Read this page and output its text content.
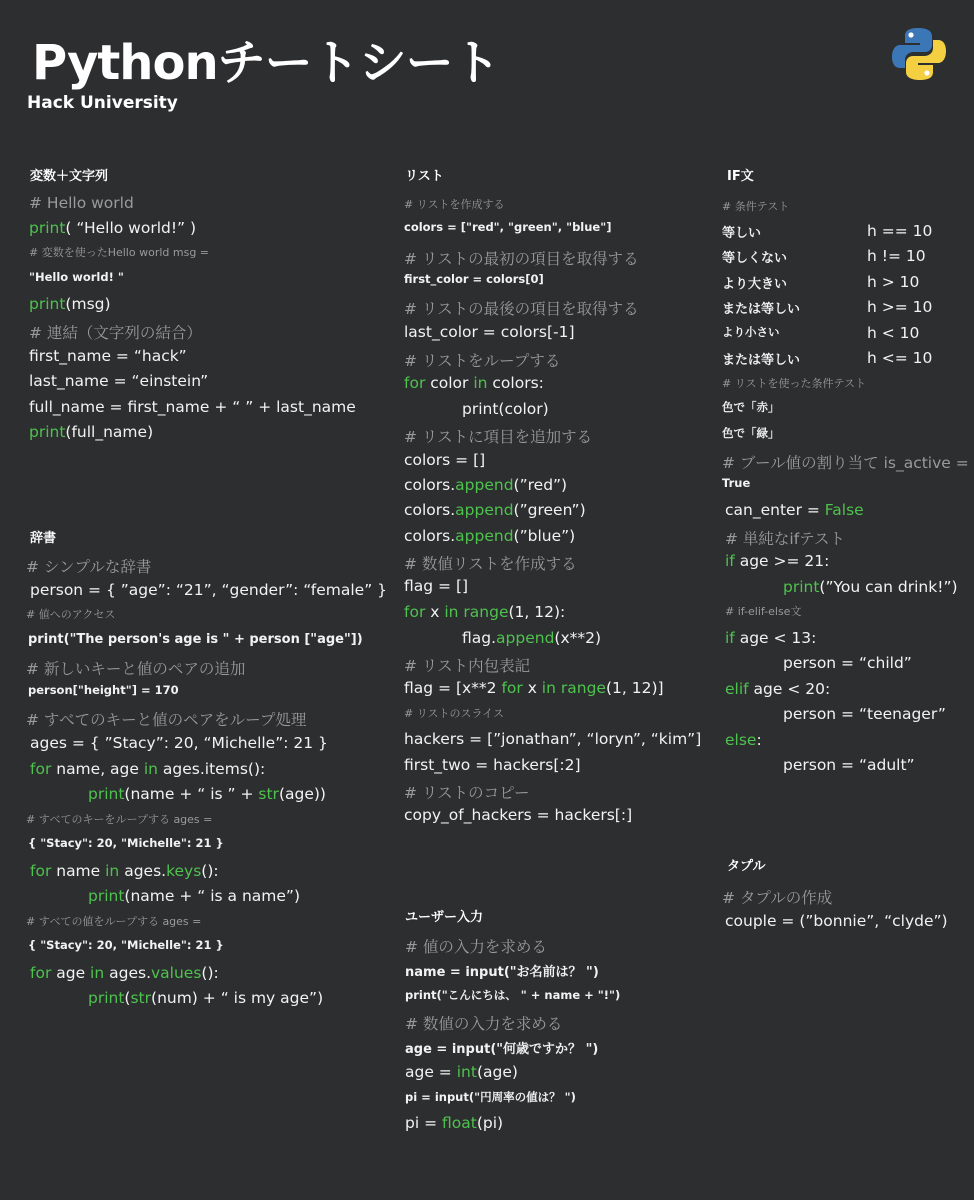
Pythonチートシート
Hack University
変数＋文字列
辞書
リスト
ユーザー入力
IF文
タプル
# 条件テスト
等しい	h == 10
等しくない	h != 10
より大きい	h > 10
または等しい	h >= 10
より小さい	h < 10
または等しい	h <= 10
# Hello world
print( “Hello world!” )
# 変数を使ったHello world msg =
"Hello world! "
print(msg)
# 連結（文字列の結合）
first_name = “hack”
last_name = “einstein”
full_name = first_name + “ ” + last_name
print(full_name)
# シンプルな辞書
person = { ”age”: “21”, “gender”: “female” }
# 値へのアクセス
print("The person's age is " + person ["age"])
# 新しいキーと値のペアの追加
person["height"] = 170
# すべてのキーと値のペアをループ処理
ages = { ”Stacy”: 20, “Michelle”: 21 }
for name, age in ages.items():
print(name + “ is ” + str(age))
# すべてのキーをループする ages =
{ "Stacy": 20, "Michelle": 21 }
for name in ages.keys():
print(name + “ is a name”)
# すべての値をループする ages =
{ "Stacy": 20, "Michelle": 21 }
for age in ages.values():
print(str(num) + “ is my age”)
# リストを作成する
colors = ["red", "green", "blue"]
# リストの最初の項目を取得する
first_color = colors[0]
# リストの最後の項目を取得する
last_color = colors[-1]
# リストをループする
for color in colors:
print(color)
# リストに項目を追加する
colors = []
colors.append(”red”)
colors.append(”green”)
colors.append(”blue”)
# 数値リストを作成する
flag = []
for x in range(1, 12):
flag.append(x**2)
# リスト内包表記
flag = [x**2 for x in range(1, 12)]
# リストのスライス
hackers = [”jonathan”, “loryn”, “kim”]
first_two = hackers[:2]
# リストのコピー
copy_of_hackers = hackers[:]
# 値の入力を求める
name = input("お名前は？ ")
print("こんにちは、 " + name + "!")
# 数値の入力を求める
age = input("何歳ですか？ ")
age = int(age)
pi = input("円周率の値は？ ")
pi = float(pi)
# リストを使った条件テスト
色で「赤」
色で「緑」
# ブール値の割り当て is_active =
True
can_enter = False
# 単純なifテスト
if age >= 21:
print(”You can drink!”)
# if-elif-else文
if age < 13:
person = “child”
elif age < 20:
person = “teenager”
else:
person = “adult”
# タプルの作成
couple = (”bonnie”, “clyde”)
